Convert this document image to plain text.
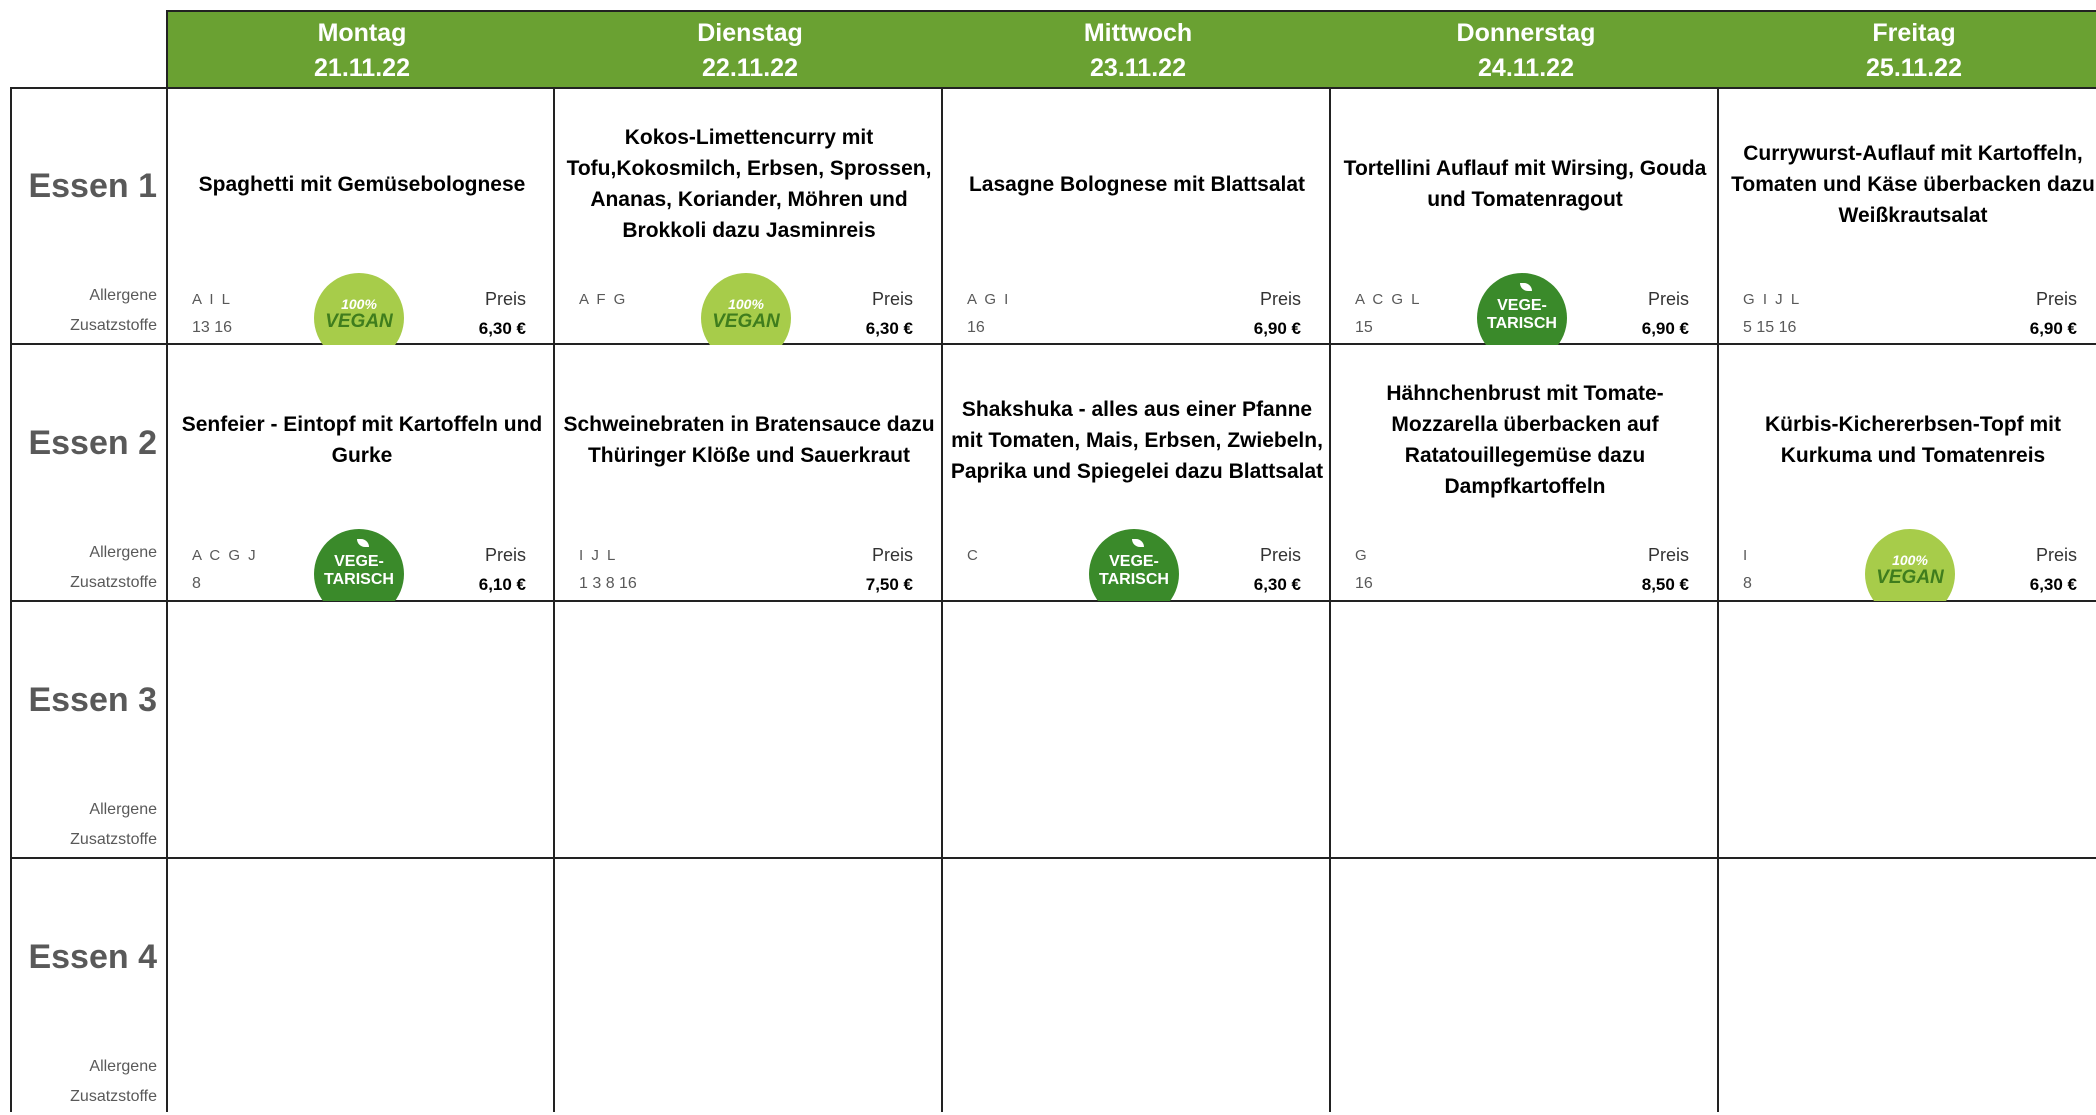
Montag
21.11.22
Dienstag
22.11.22
Mittwoch
23.11.22
Donnerstag
24.11.22
Freitag
25.11.22
Essen 1
Allergene
Zusatzstoffe
Essen 2
Allergene
Zusatzstoffe
Essen 3
Allergene
Zusatzstoffe
Essen 4
Allergene
Zusatzstoffe
Spaghetti mit Gemüsebolognese
A I L
13 16
100%
VEGAN
Preis
6,30 €
Kokos-Limettencurry mit Tofu,Kokosmilch, Erbsen, Sprossen, Ananas, Koriander, Möhren und Brokkoli dazu Jasminreis
A F G	100%
VEGAN
Preis
6,30 €
Lasagne Bolognese mit Blattsalat
A G I
16
Preis
6,90 €
Tortellini Auflauf mit Wirsing, Gouda und Tomatenragout
A C G L
15
VEGE-
TARISCH
Preis
6,90 €
Currywurst-Auflauf mit Kartoffeln, Tomaten und Käse überbacken dazu Weißkrautsalat
G I J L
5 15 16
Preis
6,90 €
Senfeier - Eintopf mit Kartoffeln und Gurke
A C G J
8
VEGE-
TARISCH
Preis
6,10 €
Schweinebraten in Bratensauce dazu Thüringer Klöße und Sauerkraut
I J L
1 3 8 16
Preis
7,50 €
Shakshuka - alles aus einer Pfanne mit Tomaten, Mais, Erbsen, Zwiebeln, Paprika und Spiegelei dazu Blattsalat
C	VEGE-
TARISCH
Preis
6,30 €
Hähnchenbrust mit Tomate-Mozzarella überbacken auf Ratatouillegemüse dazu Dampfkartoffeln
G
16
Preis
8,50 €
Kürbis-Kichererbsen-Topf mit Kurkuma und Tomatenreis
I
8
100%
VEGAN
Preis
6,30 €
